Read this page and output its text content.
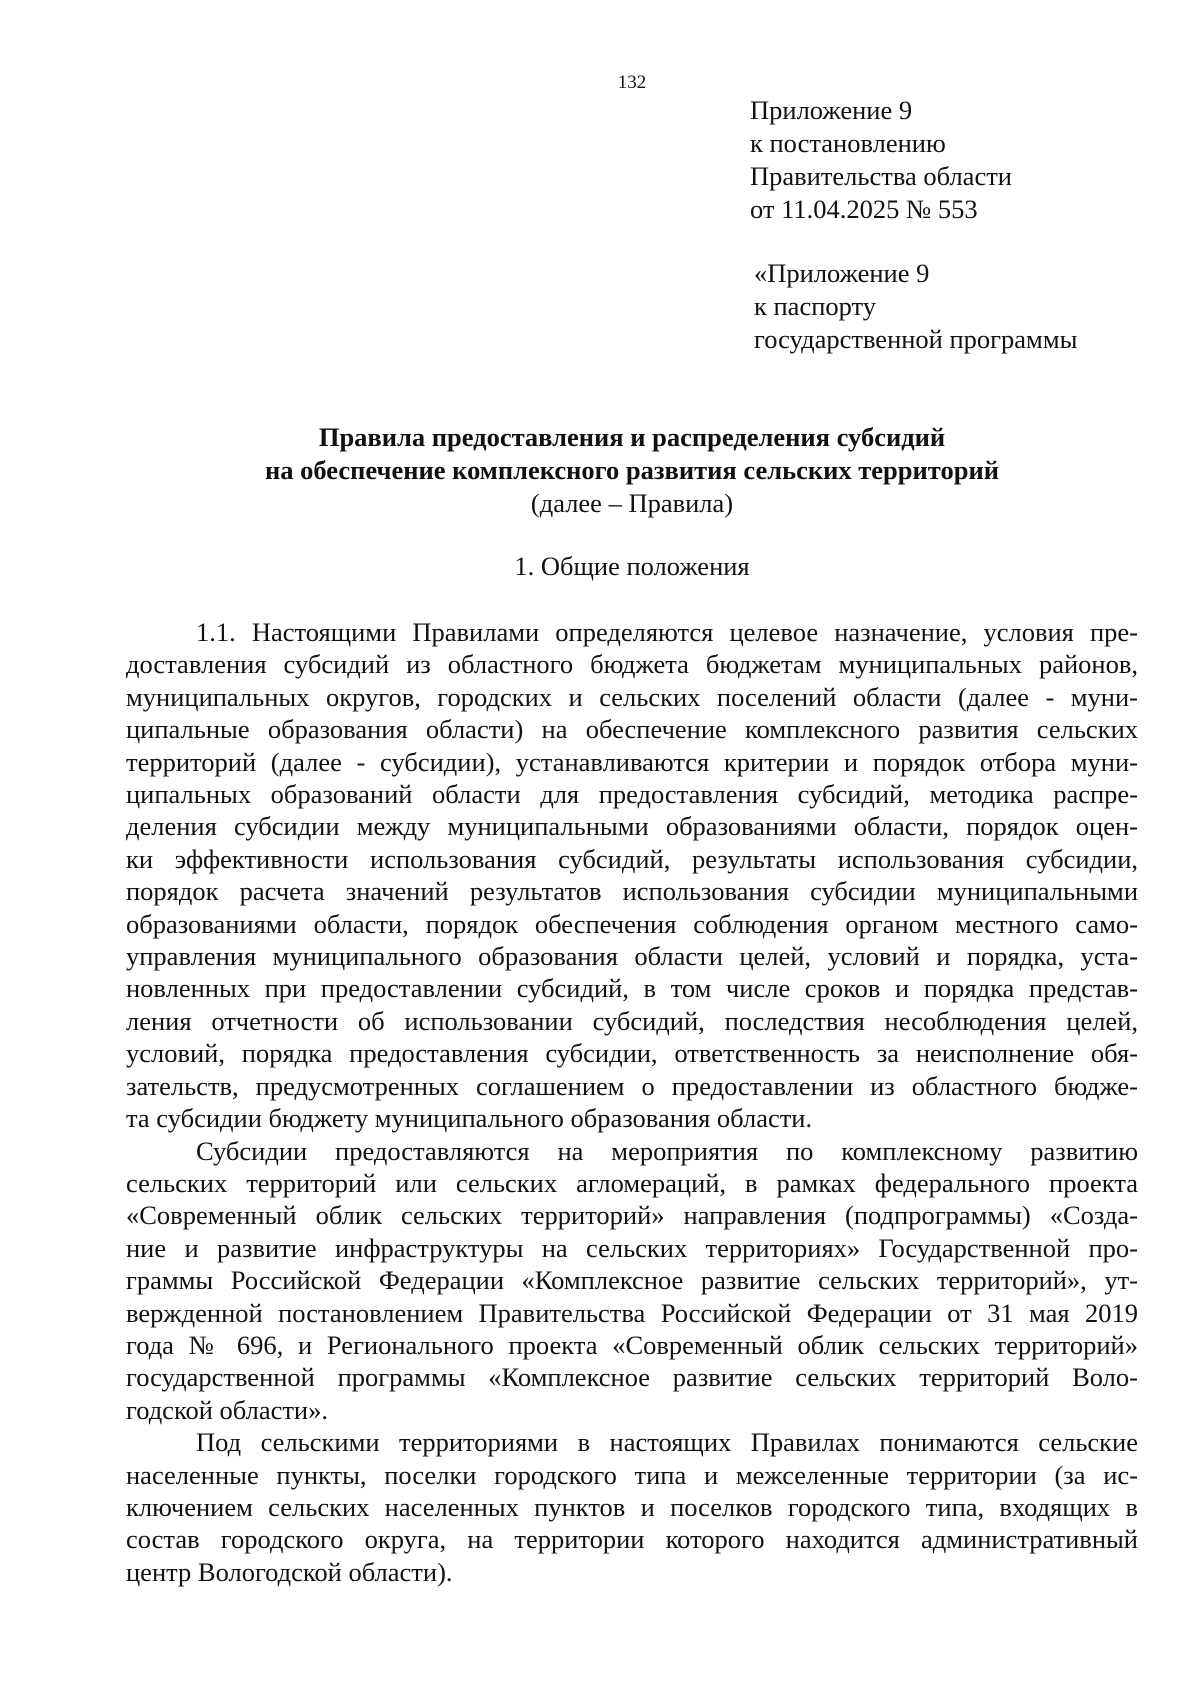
132
Приложение 9
к постановлению
Правительства области
от 11.04.2025 № 553
«Приложение 9
к паспорту
государственной программы
Правила предоставления и распределения субсидий
на обеспечение комплексного развития сельских территорий
(далее – Правила)
1. Общие положения
1.1. Настоящими Правилами определяются целевое назначение, условия пре-
доставления субсидий из областного бюджета бюджетам муниципальных районов,
муниципальных округов, городских и сельских поселений области (далее - муни-
ципальные образования области) на обеспечение комплексного развития сельских
территорий (далее - субсидии), устанавливаются критерии и порядок отбора муни-
ципальных образований области для предоставления субсидий, методика распре-
деления субсидии между муниципальными образованиями области, порядок оцен-
ки эффективности использования субсидий, результаты использования субсидии,
порядок расчета значений результатов использования субсидии муниципальными
образованиями области, порядок обеспечения соблюдения органом местного само-
управления муниципального образования области целей, условий и порядка, уста-
новленных при предоставлении субсидий, в том числе сроков и порядка представ-
ления отчетности об использовании субсидий, последствия несоблюдения целей,
условий, порядка предоставления субсидии, ответственность за неисполнение обя-
зательств, предусмотренных соглашением о предоставлении из областного бюдже-
та субсидии бюджету муниципального образования области.
Субсидии предоставляются на мероприятия по комплексному развитию
сельских территорий или сельских агломераций, в рамках федерального проекта
«Современный облик сельских территорий» направления (подпрограммы) «Созда-
ние и развитие инфраструктуры на сельских территориях» Государственной про-
граммы Российской Федерации «Комплексное развитие сельских территорий», ут-
вержденной постановлением Правительства Российской Федерации от 31 мая 2019
года № 696, и Регионального проекта «Современный облик сельских территорий»
государственной программы «Комплексное развитие сельских территорий Воло-
годской области».
Под сельскими территориями в настоящих Правилах понимаются сельские
населенные пункты, поселки городского типа и межселенные территории (за ис-
ключением сельских населенных пунктов и поселков городского типа, входящих в
состав городского округа, на территории которого находится административный
центр Вологодской области).
